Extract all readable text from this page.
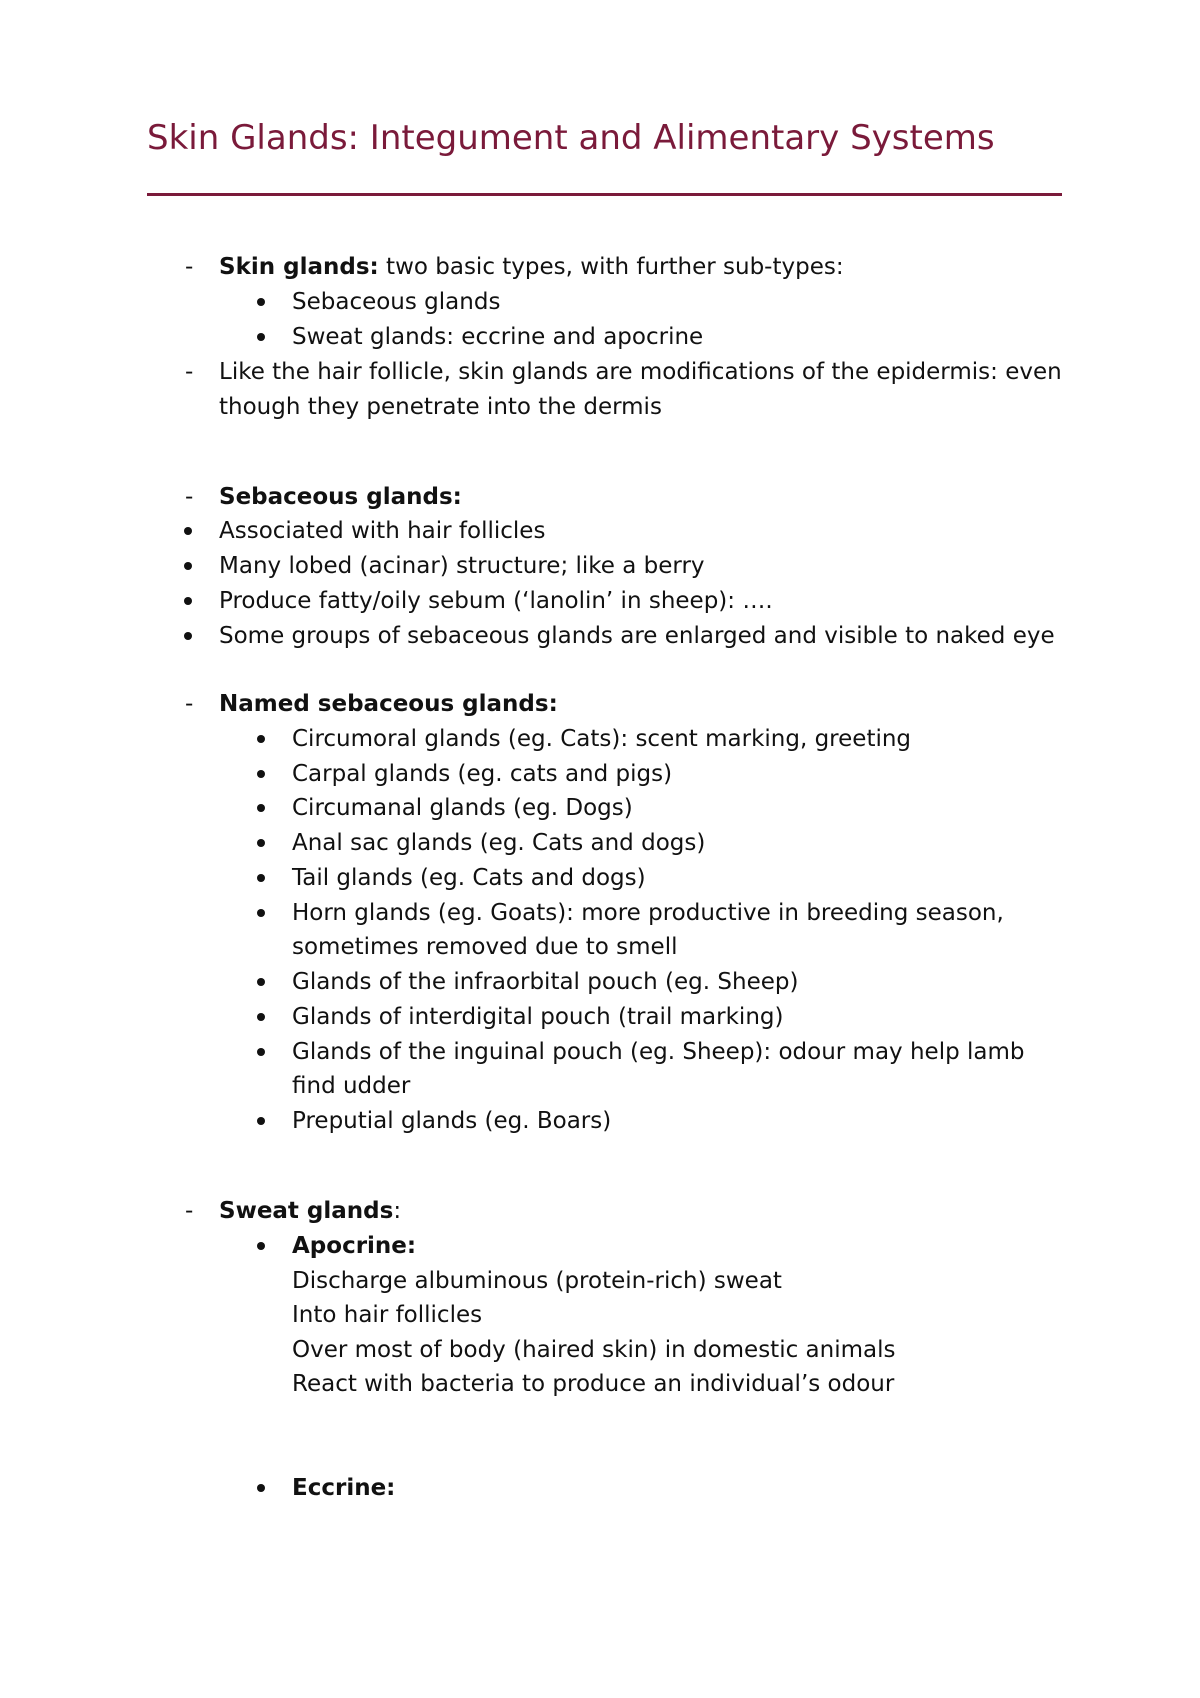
Skin Glands: Integument and Alimentary Systems
- Skin glands: two basic types, with further sub-types:
Sebaceous glands
Sweat glands: eccrine and apocrine
- Like the hair follicle, skin glands are modifications of the epidermis: even
though they penetrate into the dermis
- Sebaceous glands:
Associated with hair follicles
Many lobed (acinar) structure; like a berry
Produce fatty/oily sebum (‘lanolin’ in sheep): ….
Some groups of sebaceous glands are enlarged and visible to naked eye
- Named sebaceous glands:
Circumoral glands (eg. Cats): scent marking, greeting
Carpal glands (eg. cats and pigs)
Circumanal glands (eg. Dogs)
Anal sac glands (eg. Cats and dogs)
Tail glands (eg. Cats and dogs)
Horn glands (eg. Goats): more productive in breeding season,
sometimes removed due to smell
Glands of the infraorbital pouch (eg. Sheep)
Glands of interdigital pouch (trail marking)
Glands of the inguinal pouch (eg. Sheep): odour may help lamb
find udder
Preputial glands (eg. Boars)
- Sweat glands:
Apocrine:
Discharge albuminous (protein-rich) sweat
Into hair follicles
Over most of body (haired skin) in domestic animals
React with bacteria to produce an individual’s odour
Eccrine:
